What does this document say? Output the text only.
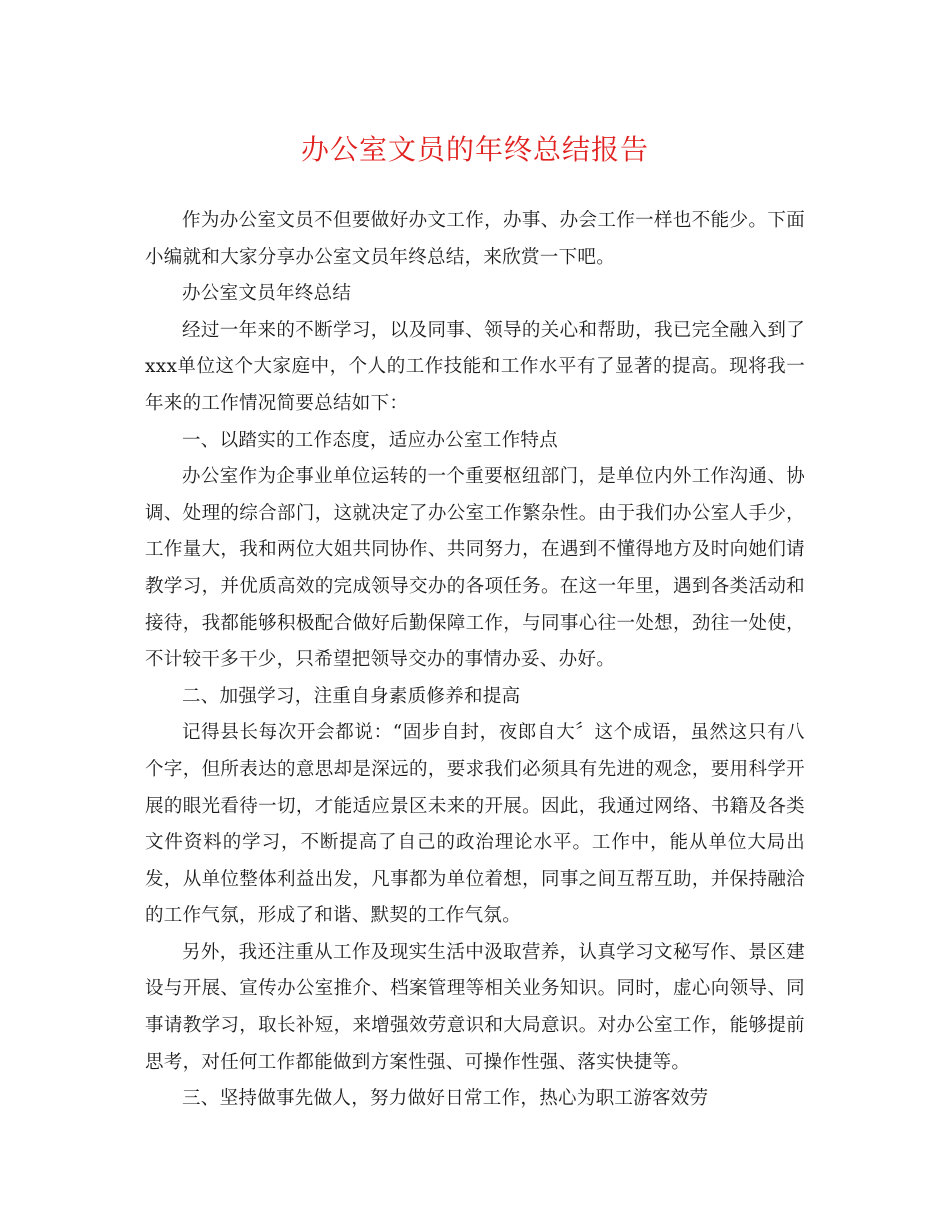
办公室文员的年终总结报告

作为办公室文员不但要做好办文工作，办事、办会工作一样也不能少。下面小编就和大家分享办公室文员年终总结，来欣赏一下吧。

办公室文员年终总结

经过一年来的不断学习，以及同事、领导的关心和帮助，我已完全融入到了xxx单位这个大家庭中，个人的工作技能和工作水平有了显著的提高。现将我一年来的工作情况简要总结如下：

一、以踏实的工作态度，适应办公室工作特点

办公室作为企事业单位运转的一个重要枢纽部门，是单位内外工作沟通、协调、处理的综合部门，这就决定了办公室工作繁杂性。由于我们办公室人手少，工作量大，我和两位大姐共同协作、共同努力，在遇到不懂得地方及时向她们请教学习，并优质高效的完成领导交办的各项任务。在这一年里，遇到各类活动和接待，我都能够积极配合做好后勤保障工作，与同事心往一处想，劲往一处使，不计较干多干少，只希望把领导交办的事情办妥、办好。

二、加强学习，注重自身素质修养和提高

记得县长每次开会都说：“固步自封，夜郎自大〞这个成语，虽然这只有八个字，但所表达的意思却是深远的，要求我们必须具有先进的观念，要用科学开展的眼光看待一切，才能适应景区未来的开展。因此，我通过网络、书籍及各类文件资料的学习，不断提高了自己的政治理论水平。工作中，能从单位大局出发，从单位整体利益出发，凡事都为单位着想，同事之间互帮互助，并保持融洽的工作气氛，形成了和谐、默契的工作气氛。

另外，我还注重从工作及现实生活中汲取营养，认真学习文秘写作、景区建设与开展、宣传办公室推介、档案管理等相关业务知识。同时，虚心向领导、同事请教学习，取长补短，来增强效劳意识和大局意识。对办公室工作，能够提前思考，对任何工作都能做到方案性强、可操作性强、落实快捷等。

三、坚持做事先做人，努力做好日常工作，热心为职工游客效劳
